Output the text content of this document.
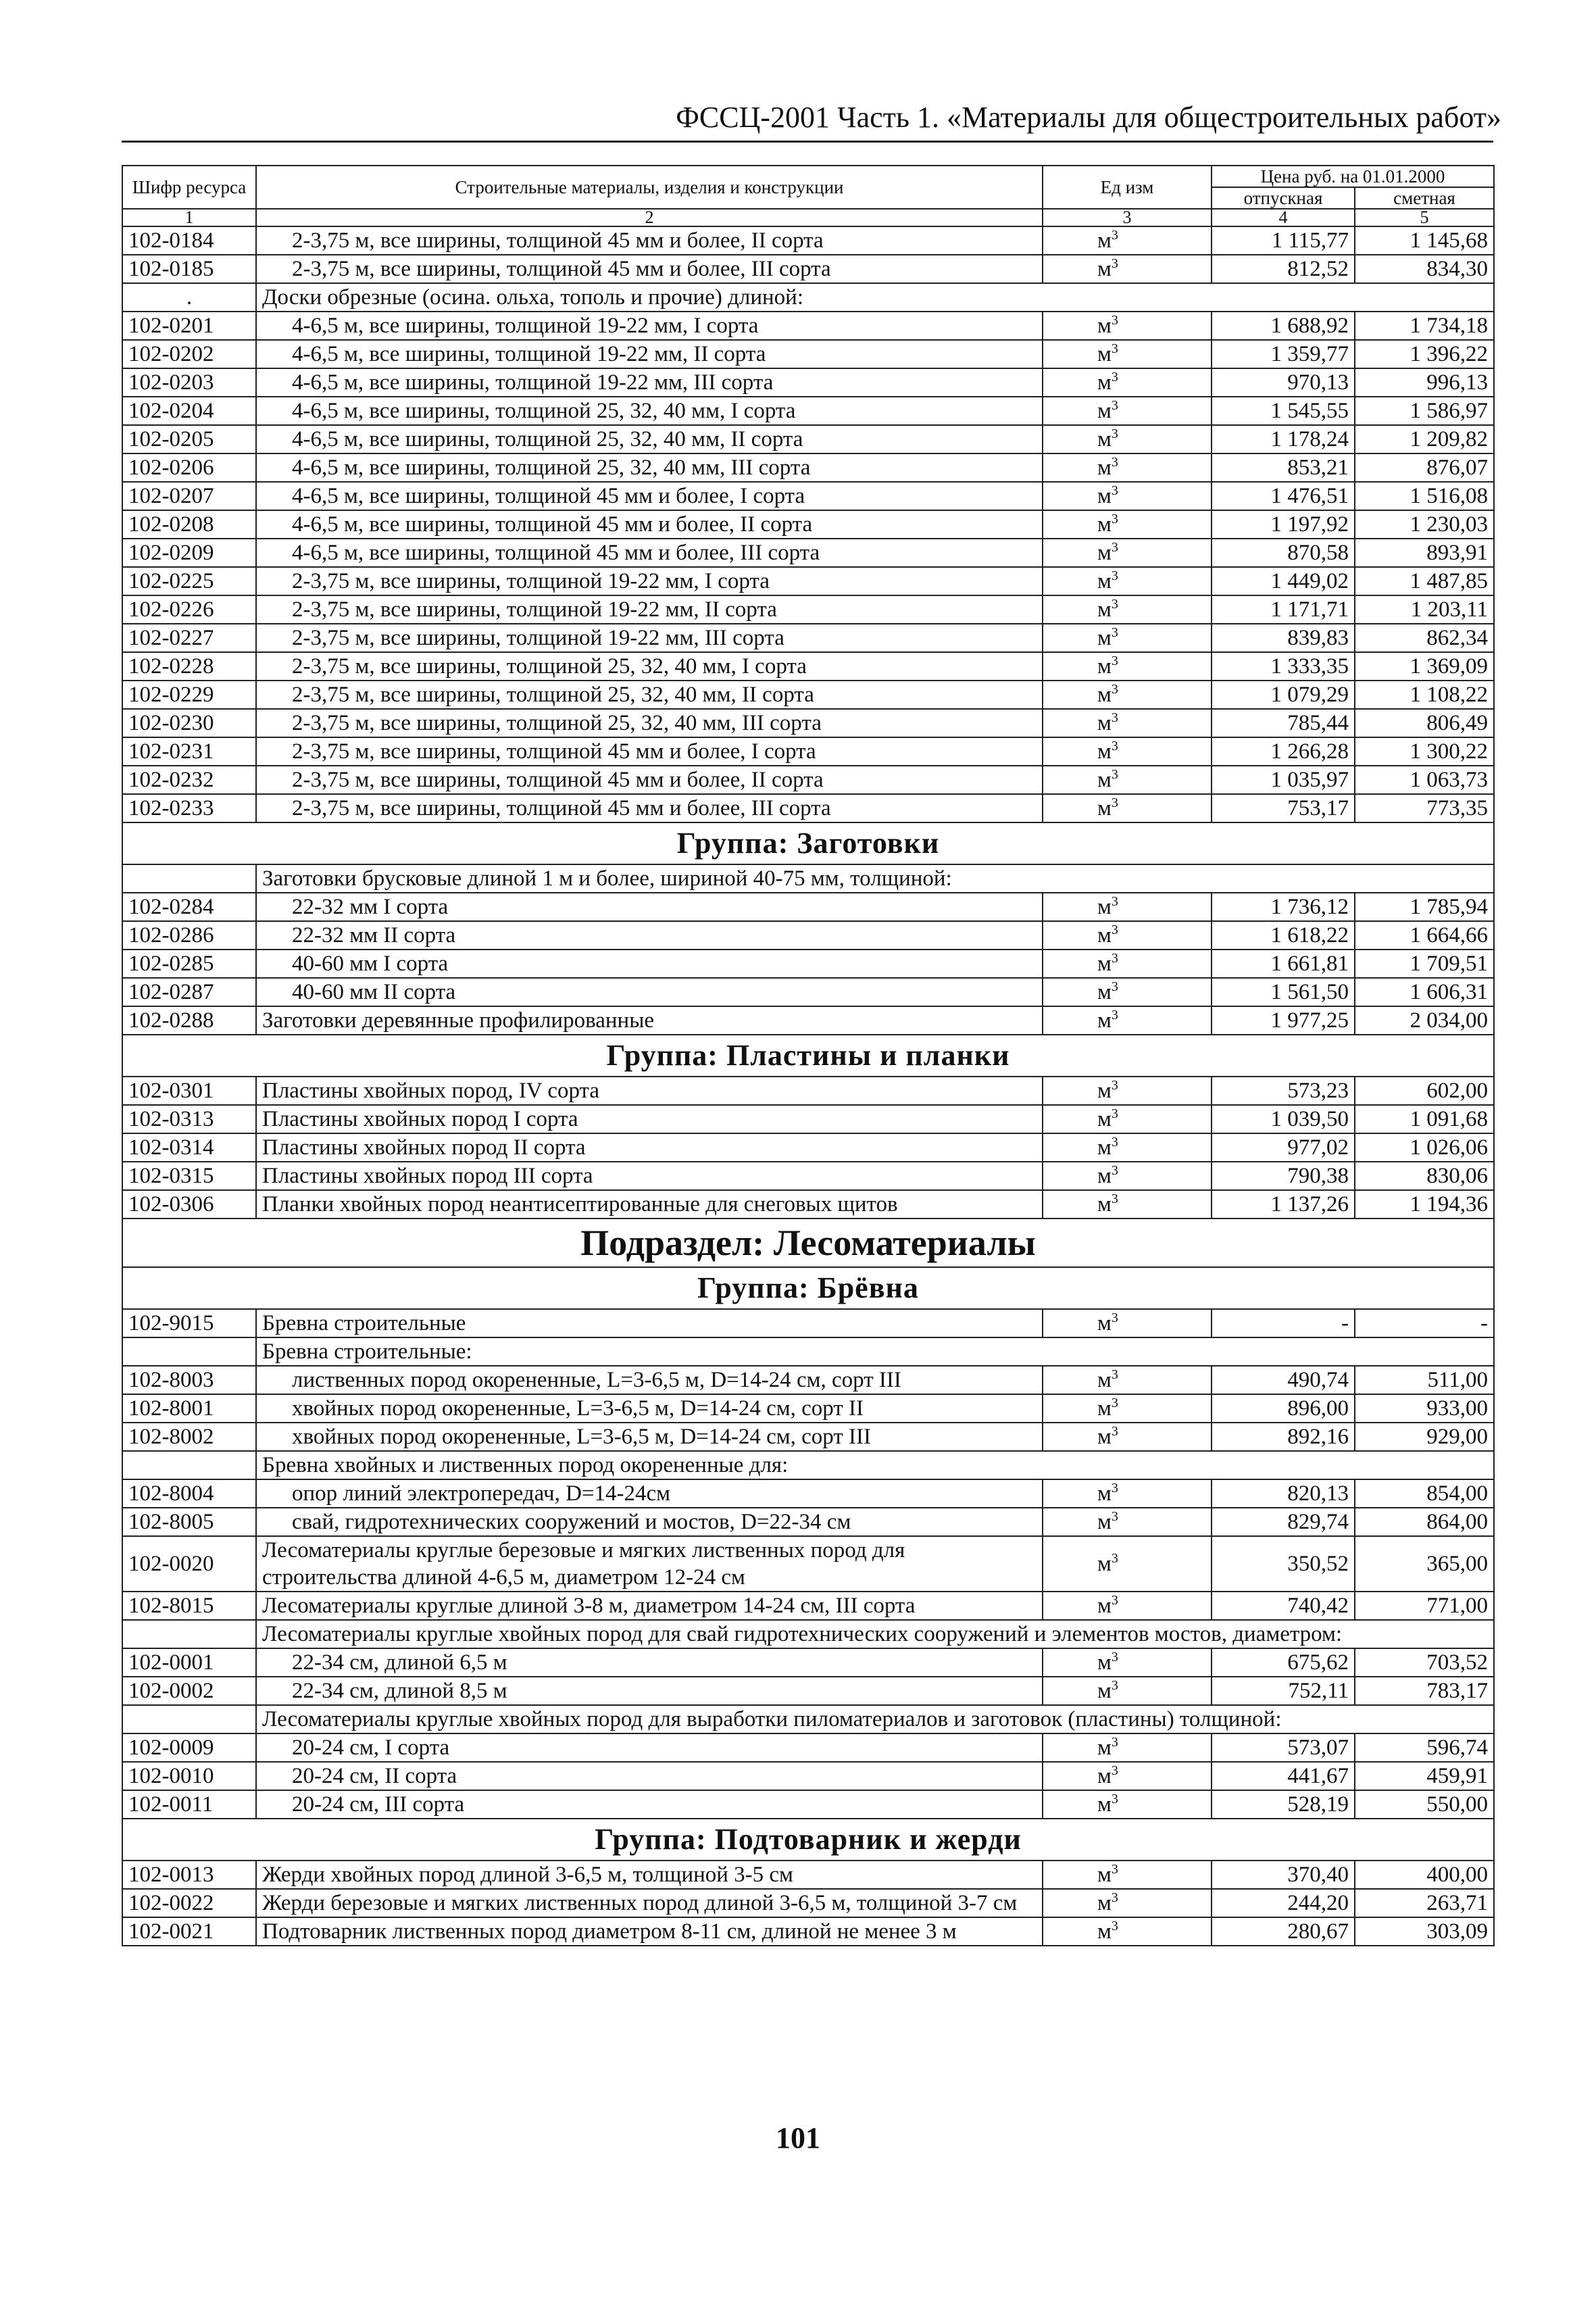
ФССЦ-2001 Часть 1. «Материалы для общестроительных работ»
Шифр ресурса	Строительные материалы, изделия и конструкции	Ед изм	Цена руб. на 01.01.2000	
			отпускная	сметная
1	2	3	4	5
102-0184	2-3,75 м, все ширины, толщиной 45 мм и более, II сорта	$м^3$	1 115,77	1 145,68
102-0185	2-3,75 м, все ширины, толщиной 45 мм и более, III сорта	$м^3$	812,52	834,30
.	Доски обрезные (осина. ольха, тополь и прочие) длиной:			
102-0201	4-6,5 м, все ширины, толщиной 19-22 мм, I сорта	$м^3$	1 688,92	1 734,18
102-0202	4-6,5 м, все ширины, толщиной 19-22 мм, II сорта	$м^3$	1 359,77	1 396,22
102-0203	4-6,5 м, все ширины, толщиной 19-22 мм, III сорта	$м^3$	970,13	996,13
102-0204	4-6,5 м, все ширины, толщиной 25, 32, 40 мм, I сорта	$м^3$	1 545,55	1 586,97
102-0205	4-6,5 м, все ширины, толщиной 25, 32, 40 мм, II сорта	$м^3$	1 178,24	1 209,82
102-0206	4-6,5 м, все ширины, толщиной 25, 32, 40 мм, III сорта	$м^3$	853,21	876,07
102-0207	4-6,5 м, все ширины, толщиной 45 мм и более, I сорта	$м^3$	1 476,51	1 516,08
102-0208	4-6,5 м, все ширины, толщиной 45 мм и более, II сорта	$м^3$	1 197,92	1 230,03
102-0209	4-6,5 м, все ширины, толщиной 45 мм и более, III сорта	$м^3$	870,58	893,91
102-0225	2-3,75 м, все ширины, толщиной 19-22 мм, I сорта	$м^3$	1 449,02	1 487,85
102-0226	2-3,75 м, все ширины, толщиной 19-22 мм, II сорта	$м^3$	1 171,71	1 203,11
102-0227	2-3,75 м, все ширины, толщиной 19-22 мм, III сорта	$м^3$	839,83	862,34
102-0228	2-3,75 м, все ширины, толщиной 25, 32, 40 мм, I сорта	$м^3$	1 333,35	1 369,09
102-0229	2-3,75 м, все ширины, толщиной 25, 32, 40 мм, II сорта	$м^3$	1 079,29	1 108,22
102-0230	2-3,75 м, все ширины, толщиной 25, 32, 40 мм, III сорта	$м^3$	785,44	806,49
102-0231	2-3,75 м, все ширины, толщиной 45 мм и более, I сорта	$м^3$	1 266,28	1 300,22
102-0232	2-3,75 м, все ширины, толщиной 45 мм и более, II сорта	$м^3$	1 035,97	1 063,73
102-0233	2-3,75 м, все ширины, толщиной 45 мм и более, III сорта	$м^3$	753,17	773,35
Группа: Заготовки				
	Заготовки брусковые длиной 1 м и более, шириной 40-75 мм, толщиной:			
102-0284	22-32 мм I сорта	$м^3$	1 736,12	1 785,94
102-0286	22-32 мм II сорта	$м^3$	1 618,22	1 664,66
102-0285	40-60 мм I сорта	$м^3$	1 661,81	1 709,51
102-0287	40-60 мм II сорта	$м^3$	1 561,50	1 606,31
102-0288	Заготовки деревянные профилированные	$м^3$	1 977,25	2 034,00
Группа: Пластины и планки				
102-0301	Пластины хвойных пород, IV сорта	$м^3$	573,23	602,00
102-0313	Пластины хвойных пород I сорта	$м^3$	1 039,50	1 091,68
102-0314	Пластины хвойных пород II сорта	$м^3$	977,02	1 026,06
102-0315	Пластины хвойных пород III сорта	$м^3$	790,38	830,06
102-0306	Планки хвойных пород неантисептированные для снеговых щитов	$м^3$	1 137,26	1 194,36
Подраздел: Лесоматериалы				
Группа: Брёвна				
102-9015	Бревна строительные	$м^3$	-	-
	Бревна строительные:			
102-8003	лиственных пород окорененные, L=3-6,5 м, D=14-24 см, сорт III	$м^3$	490,74	511,00
102-8001	хвойных пород окорененные, L=3-6,5 м, D=14-24 см, сорт II	$м^3$	896,00	933,00
102-8002	хвойных пород окорененные, L=3-6,5 м, D=14-24 см, сорт III	$м^3$	892,16	929,00
	Бревна хвойных и лиственных пород окорененные для:			
102-8004	опор линий электропередач, D=14-24см	$м^3$	820,13	854,00
102-8005	свай, гидротехнических сооружений и мостов, D=22-34 см	$м^3$	829,74	864,00
102-0020	Лесоматериалы круглые березовые и мягких лиственных пород для строительства длиной 4-6,5 м, диаметром 12-24 см	$м^3$	350,52	365,00
102-8015	Лесоматериалы круглые длиной 3-8 м, диаметром 14-24 см, III сорта	$м^3$	740,42	771,00
	Лесоматериалы круглые хвойных пород для свай гидротехнических сооружений и элементов мостов, диаметром:			
102-0001	22-34 см, длиной 6,5 м	$м^3$	675,62	703,52
102-0002	22-34 см, длиной 8,5 м	$м^3$	752,11	783,17
	Лесоматериалы круглые хвойных пород для выработки пиломатериалов и заготовок (пластины) толщиной:			
102-0009	20-24 см, I сорта	$м^3$	573,07	596,74
102-0010	20-24 см, II сорта	$м^3$	441,67	459,91
102-0011	20-24 см, III сорта	$м^3$	528,19	550,00
Группа: Подтоварник и жерди				
102-0013	Жерди хвойных пород длиной 3-6,5 м, толщиной 3-5 см	$м^3$	370,40	400,00
102-0022	Жерди березовые и мягких лиственных пород длиной 3-6,5 м, толщиной 3-7 см	$м^3$	244,20	263,71
102-0021	Подтоварник лиственных пород диаметром 8-11 см, длиной не менее 3 м	$м^3$	280,67	303,09
101
